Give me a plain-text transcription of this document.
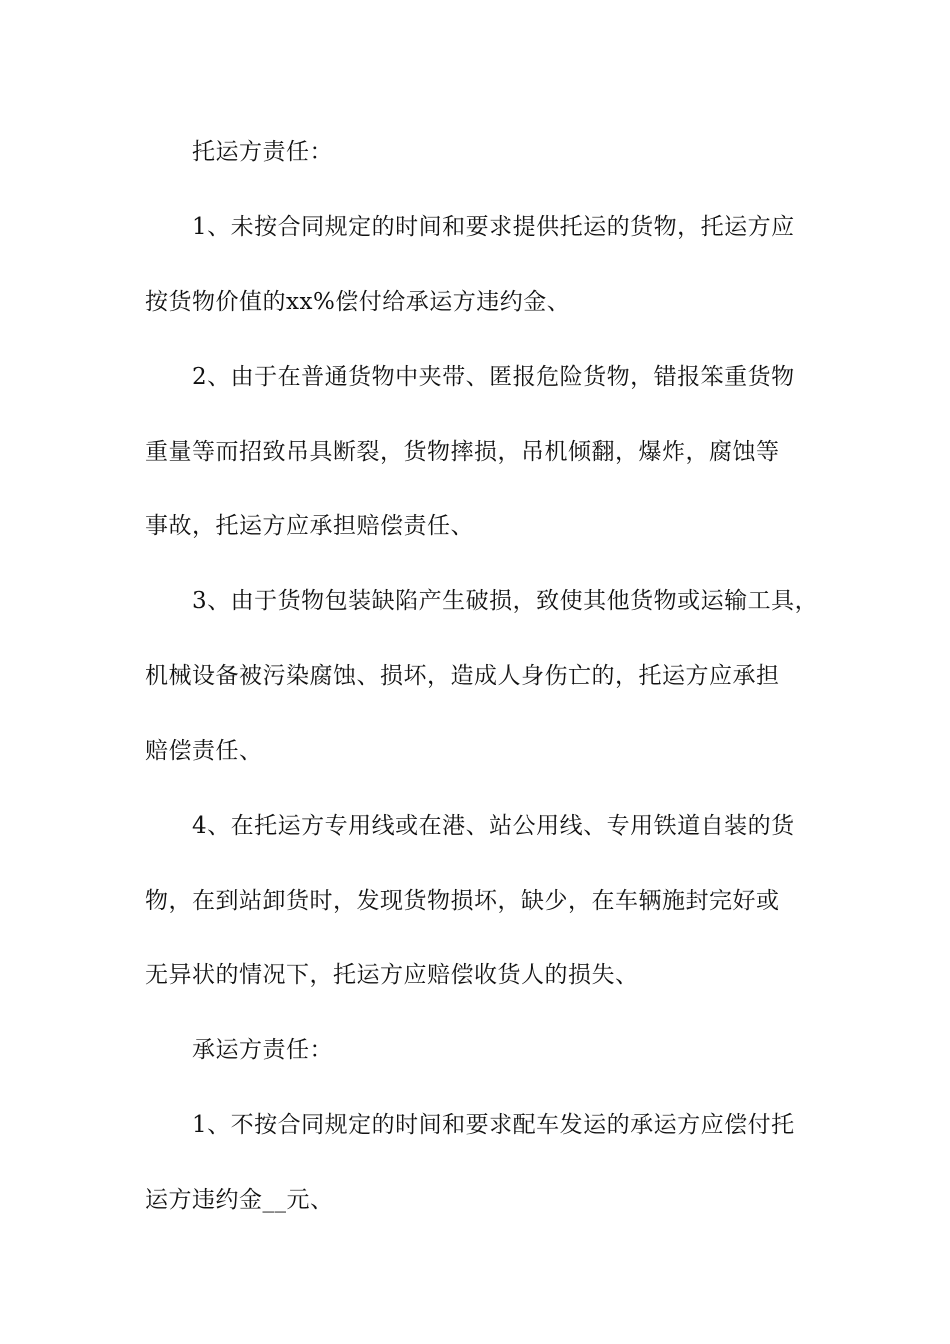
托运方责任：
1、未按合同规定的时间和要求提供托运的货物，托运方应
按货物价值的xx%偿付给承运方违约金、
2、由于在普通货物中夹带、匿报危险货物，错报笨重货物
重量等而招致吊具断裂，货物摔损，吊机倾翻，爆炸，腐蚀等
事故，托运方应承担赔偿责任、
3、由于货物包装缺陷产生破损，致使其他货物或运输工具，
机械设备被污染腐蚀、损坏，造成人身伤亡的，托运方应承担
赔偿责任、
4、在托运方专用线或在港、站公用线、专用铁道自装的货
物，在到站卸货时，发现货物损坏，缺少，在车辆施封完好或
无异状的情况下，托运方应赔偿收货人的损失、
承运方责任：
1、不按合同规定的时间和要求配车发运的承运方应偿付托
运方违约金__元、
